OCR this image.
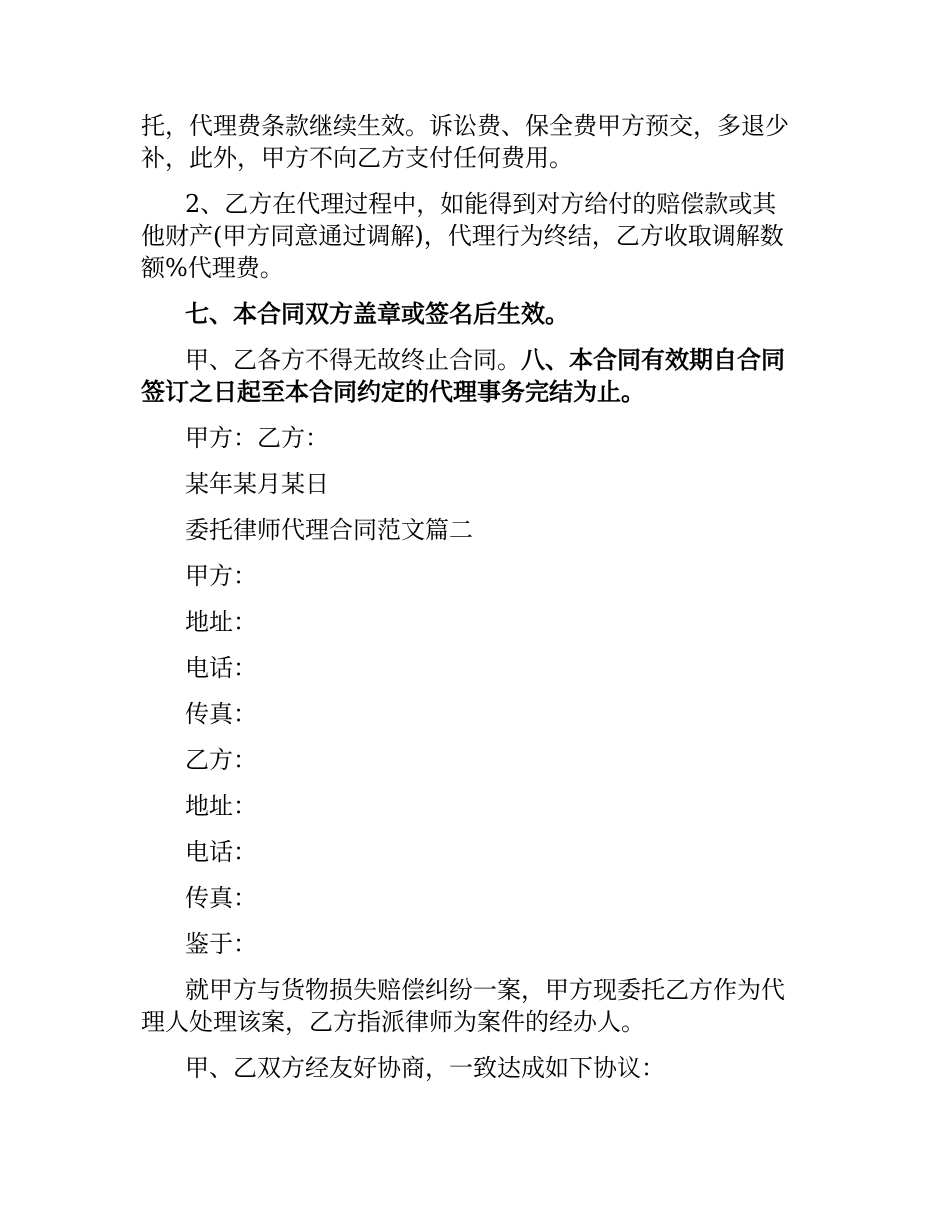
托，代理费条款继续生效。诉讼费、保全费甲方预交，多退少
补，此外，甲方不向乙方支付任何费用。
2、乙方在代理过程中，如能得到对方给付的赔偿款或其
他财产(甲方同意通过调解)，代理行为终结，乙方收取调解数
额%代理费。
七、本合同双方盖章或签名后生效。
甲、乙各方不得无故终止合同。八、本合同有效期自合同
签订之日起至本合同约定的代理事务完结为止。
甲方：乙方：
某年某月某日
委托律师代理合同范文篇二
甲方：
地址：
电话：
传真：
乙方：
地址：
电话：
传真：
鉴于：
就甲方与货物损失赔偿纠纷一案，甲方现委托乙方作为代
理人处理该案，乙方指派律师为案件的经办人。
甲、乙双方经友好协商，一致达成如下协议：
